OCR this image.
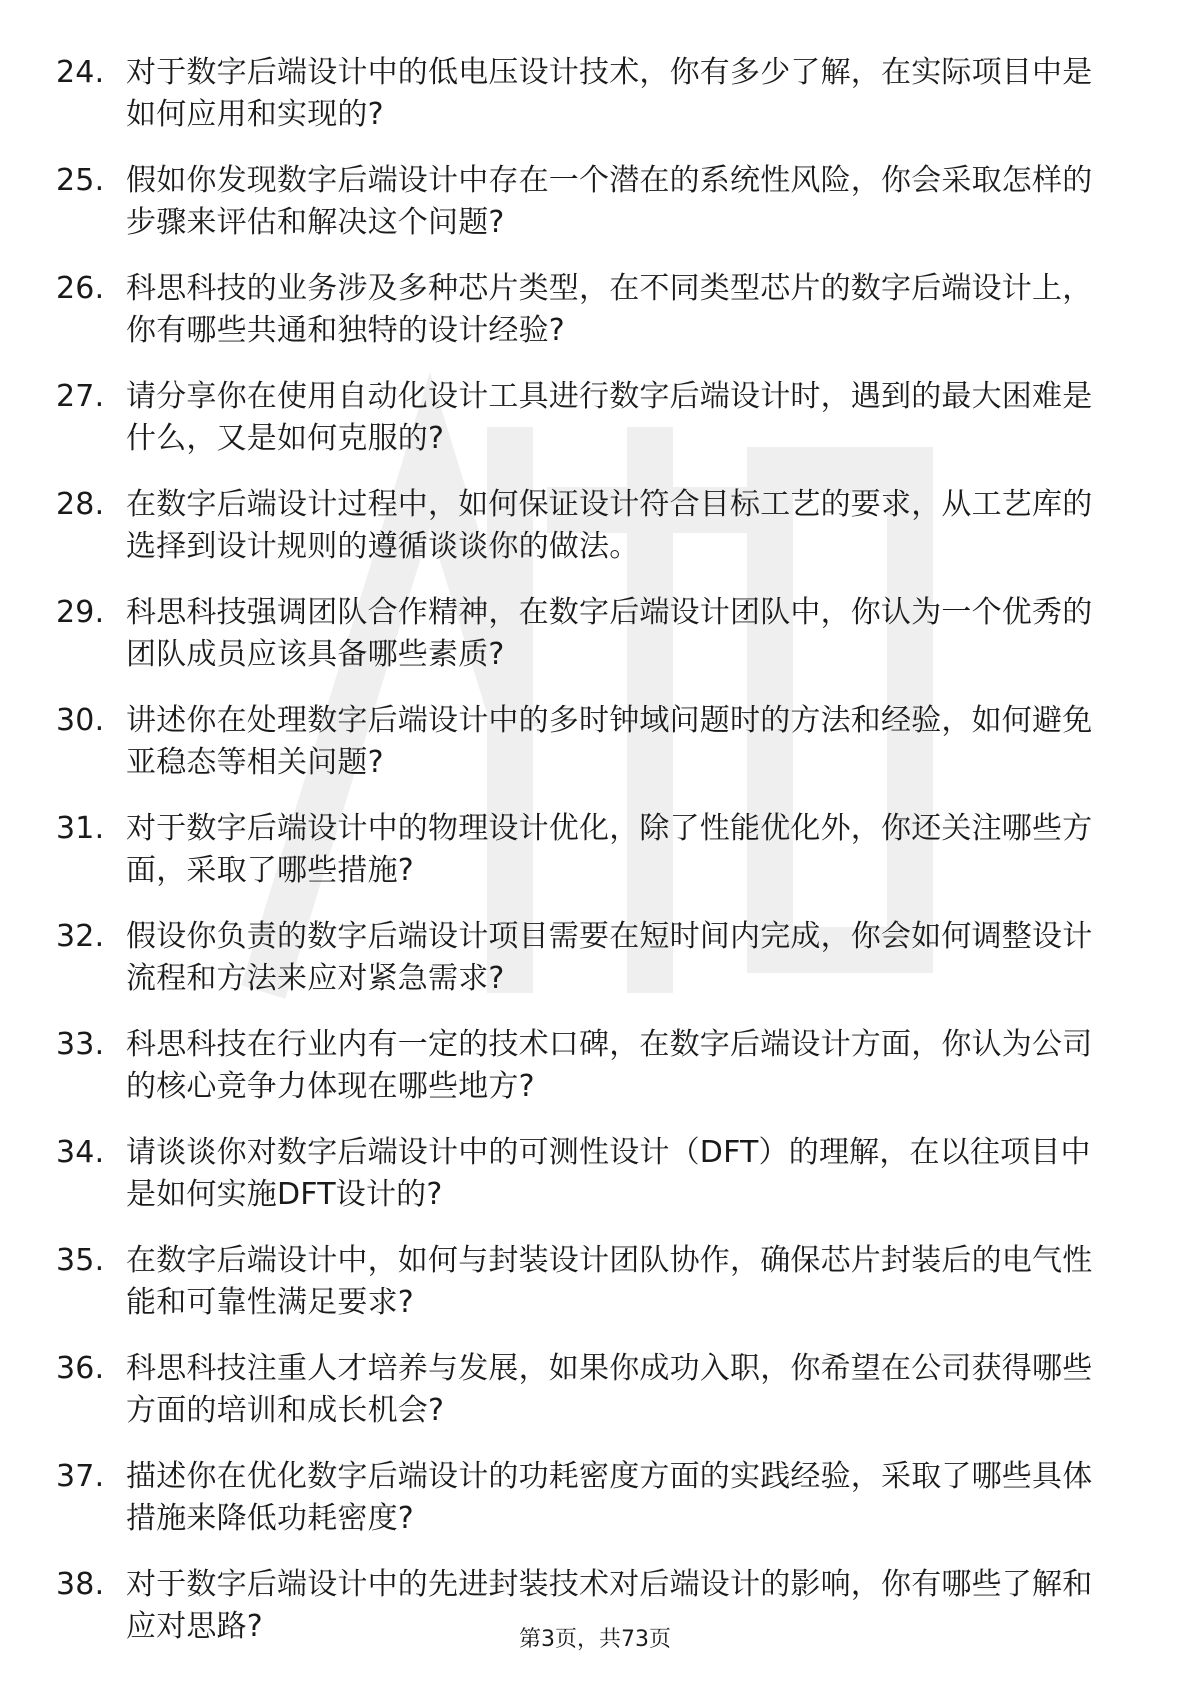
24. 对于数字后端设计中的低电压设计技术，你有多少了解，在实际项目中是如何应用和实现的?
25. 假如你发现数字后端设计中存在一个潜在的系统性风险，你会采取怎样的步骤来评估和解决这个问题?
26. 科思科技的业务涉及多种芯片类型，在不同类型芯片的数字后端设计上，你有哪些共通和独特的设计经验?
27. 请分享你在使用自动化设计工具进行数字后端设计时，遇到的最大困难是什么，又是如何克服的?
28. 在数字后端设计过程中，如何保证设计符合目标工艺的要求，从工艺库的选择到设计规则的遵循谈谈你的做法。
29. 科思科技强调团队合作精神，在数字后端设计团队中，你认为一个优秀的团队成员应该具备哪些素质?
30. 讲述你在处理数字后端设计中的多时钟域问题时的方法和经验，如何避免亚稳态等相关问题?
31. 对于数字后端设计中的物理设计优化，除了性能优化外，你还关注哪些方面，采取了哪些措施?
32. 假设你负责的数字后端设计项目需要在短时间内完成，你会如何调整设计流程和方法来应对紧急需求?
33. 科思科技在行业内有一定的技术口碑，在数字后端设计方面，你认为公司的核心竞争力体现在哪些地方?
34. 请谈谈你对数字后端设计中的可测性设计（DFT）的理解，在以往项目中是如何实施DFT设计的?
35. 在数字后端设计中，如何与封装设计团队协作，确保芯片封装后的电气性能和可靠性满足要求?
36. 科思科技注重人才培养与发展，如果你成功入职，你希望在公司获得哪些方面的培训和成长机会?
37. 描述你在优化数字后端设计的功耗密度方面的实践经验，采取了哪些具体措施来降低功耗密度?
38. 对于数字后端设计中的先进封装技术对后端设计的影响，你有哪些了解和应对思路?	第3页，共73页
